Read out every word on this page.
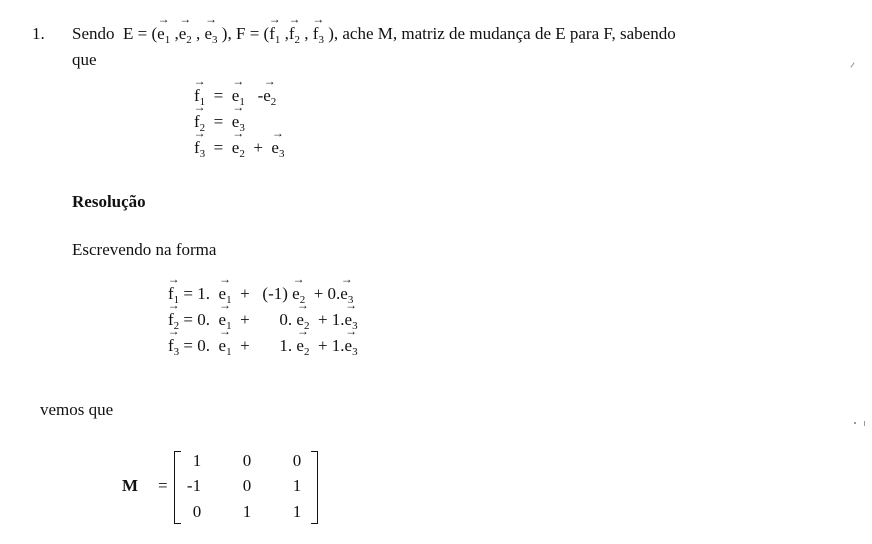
1. Sendo E = (→ $e_1$ ,→ $e_2$ , → $e_3$ ), F = (→ $f_1$ ,→ $f_2$ , → $f_3$ ), ache M, matriz de mudança de E para F, sabendo
que
→ $f_1$ = → $e_1 -\to e_2$
→ $f_2$ = → $e_3$
→ $f_3$ = → $e_2$ + → $e_3$
Resolução
Escrevendo na forma
→ $f_1 = 1$. → $e_1 + (-1) \to e_2 + 0.\to e_3$
→ $f_2 = 0$. → $e_1 + 0$. → $e_2 + 1.\to e_3$
→ $f_3 = 0$. → $e_1 + 1$. → $e_2 + 1.\to e_3$
vemos que
M =
1	0	0
-1	0	1
0	1	1
